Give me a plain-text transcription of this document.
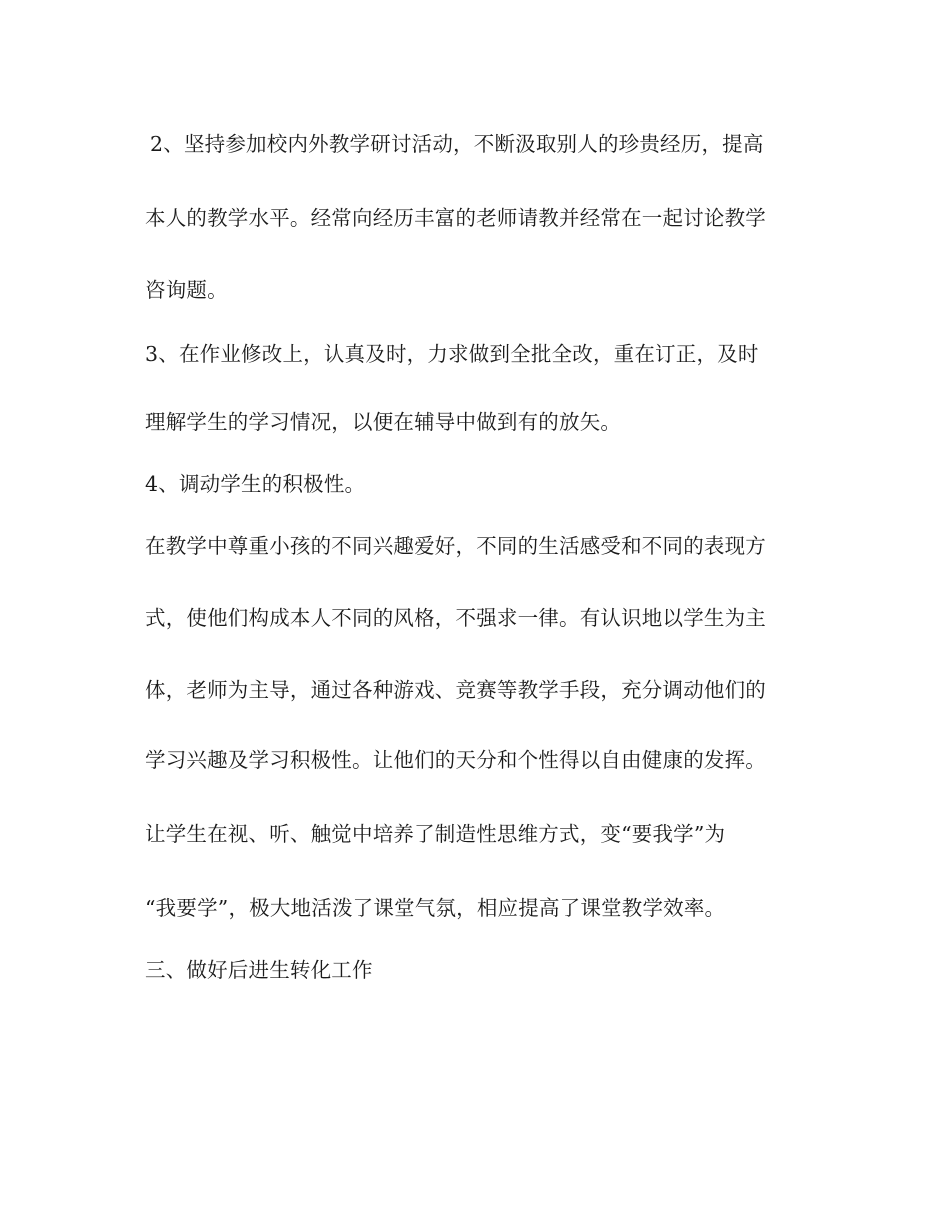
2、坚持参加校内外教学研讨活动，不断汲取别人的珍贵经历，提高
本人的教学水平。经常向经历丰富的老师请教并经常在一起讨论教学
咨询题。
3、在作业修改上，认真及时，力求做到全批全改，重在订正，及时
理解学生的学习情况，以便在辅导中做到有的放矢。
4、调动学生的积极性。
在教学中尊重小孩的不同兴趣爱好，不同的生活感受和不同的表现方
式，使他们构成本人不同的风格，不强求一律。有认识地以学生为主
体，老师为主导，通过各种游戏、竞赛等教学手段，充分调动他们的
学习兴趣及学习积极性。让他们的天分和个性得以自由健康的发挥。
让学生在视、听、触觉中培养了制造性思维方式，变“要我学”为
“我要学”，极大地活泼了课堂气氛，相应提高了课堂教学效率。
三、做好后进生转化工作
